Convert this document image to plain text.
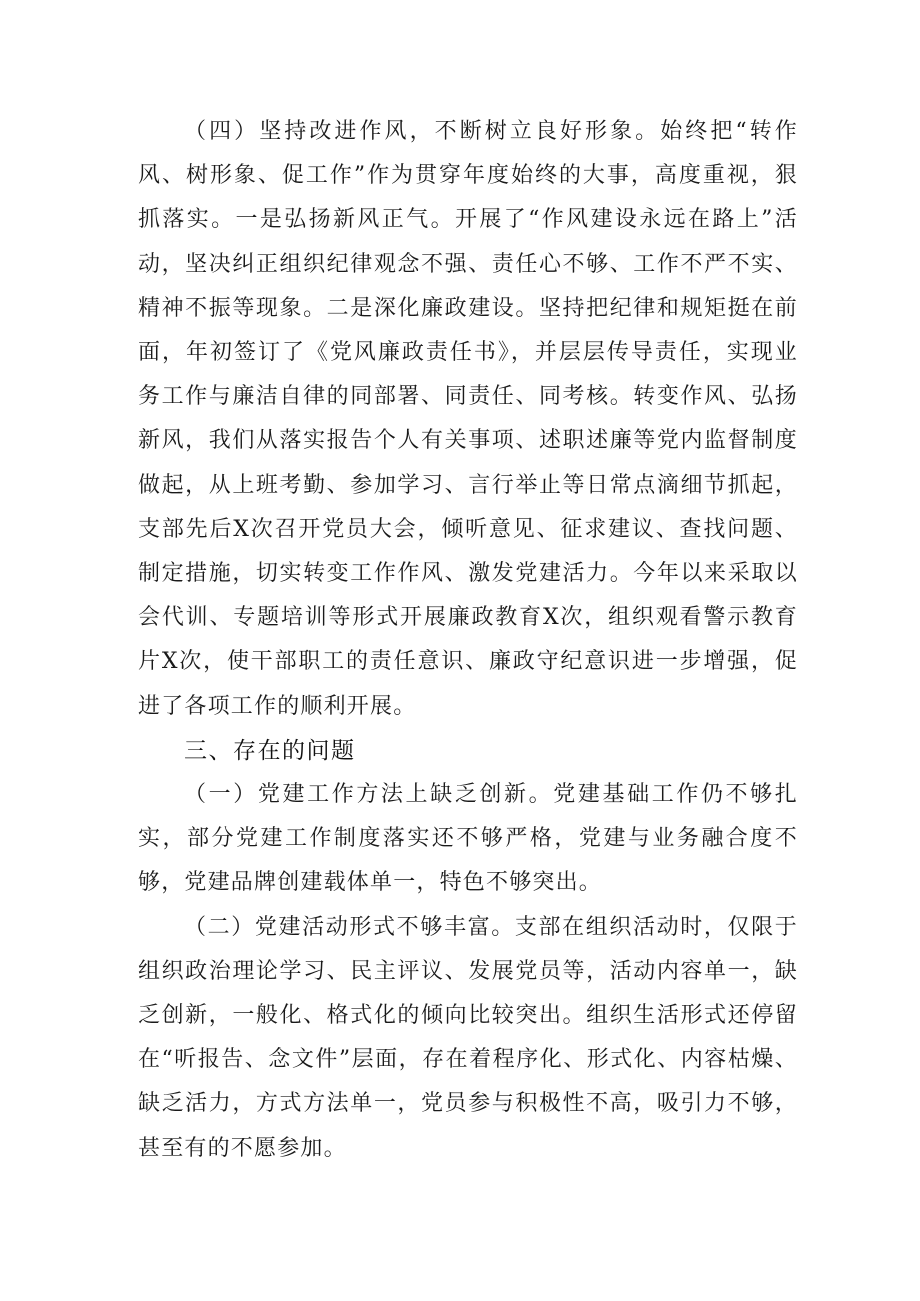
（四）坚持改进作风，不断树立良好形象。始终把“转作风、树形象、促工作”作为贯穿年度始终的大事，高度重视，狠抓落实。一是弘扬新风正气。开展了“作风建设永远在路上”活动，坚决纠正组织纪律观念不强、责任心不够、工作不严不实、精神不振等现象。二是深化廉政建设。坚持把纪律和规矩挺在前面，年初签订了《党风廉政责任书》，并层层传导责任，实现业务工作与廉洁自律的同部署、同责任、同考核。转变作风、弘扬新风，我们从落实报告个人有关事项、述职述廉等党内监督制度做起，从上班考勤、参加学习、言行举止等日常点滴细节抓起，支部先后X次召开党员大会，倾听意见、征求建议、查找问题、制定措施，切实转变工作作风、激发党建活力。今年以来采取以会代训、专题培训等形式开展廉政教育X次，组织观看警示教育片X次，使干部职工的责任意识、廉政守纪意识进一步增强，促进了各项工作的顺利开展。

三、存在的问题

（一）党建工作方法上缺乏创新。党建基础工作仍不够扎实，部分党建工作制度落实还不够严格，党建与业务融合度不够，党建品牌创建载体单一，特色不够突出。

（二）党建活动形式不够丰富。支部在组织活动时，仅限于组织政治理论学习、民主评议、发展党员等，活动内容单一，缺乏创新，一般化、格式化的倾向比较突出。组织生活形式还停留在“听报告、念文件”层面，存在着程序化、形式化、内容枯燥、缺乏活力，方式方法单一，党员参与积极性不高，吸引力不够，甚至有的不愿参加。
